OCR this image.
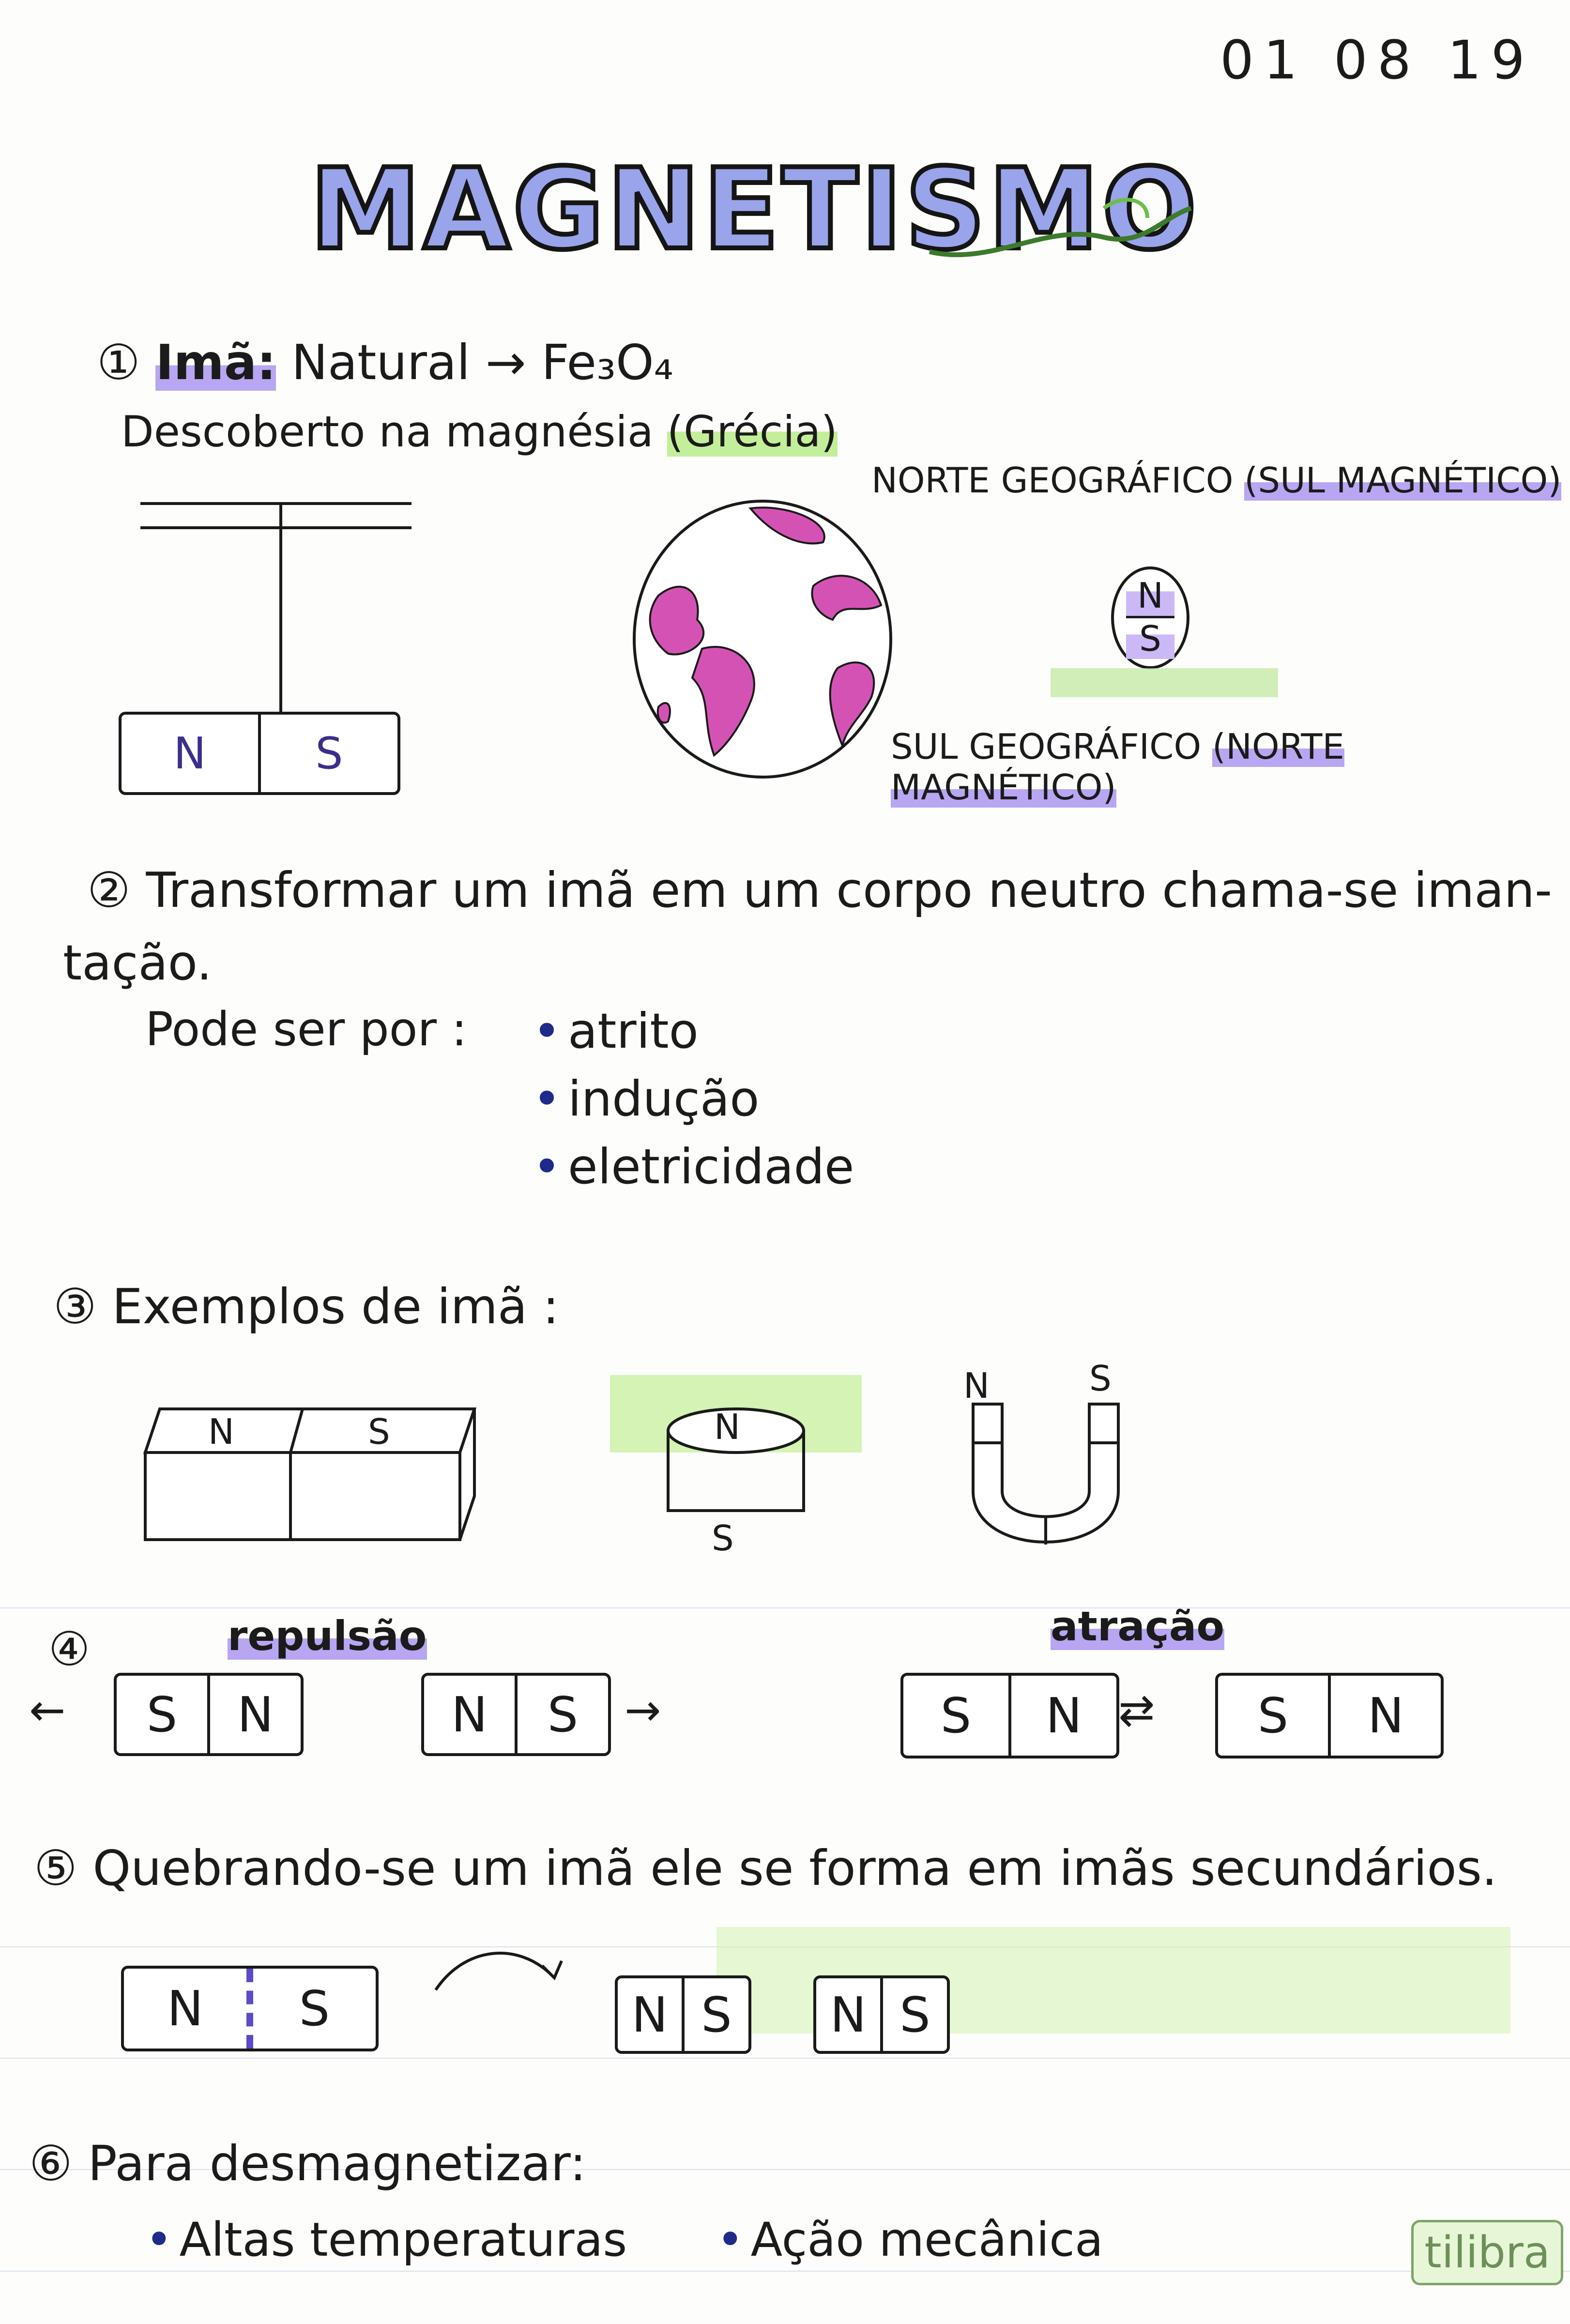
01 08 19
MAGNETISMO
① Imã: Natural → Fe₃O₄
Descoberto na magnésia (Grécia)
N	S
NORTE GEOGRÁFICO (SUL MAGNÉTICO)
N
S
SUL GEOGRÁFICO (NORTE MAGNÉTICO)
② Transformar um imã em um corpo neutro chama-se iman-
tação.
Pode ser por :	• atrito
• indução
• eletricidade
③ Exemplos de imã :
N	S	N
S
N	S
④	repulsão	atração
←	S	N	N	S	→	S	N ⇄	S	N
⑤ Quebrando-se um imã ele se forma em imãs secundários.
N	S	N S	N S
⑥ Para desmagnetizar:
• Altas temperaturas	• Ação mecânica	tilibra
